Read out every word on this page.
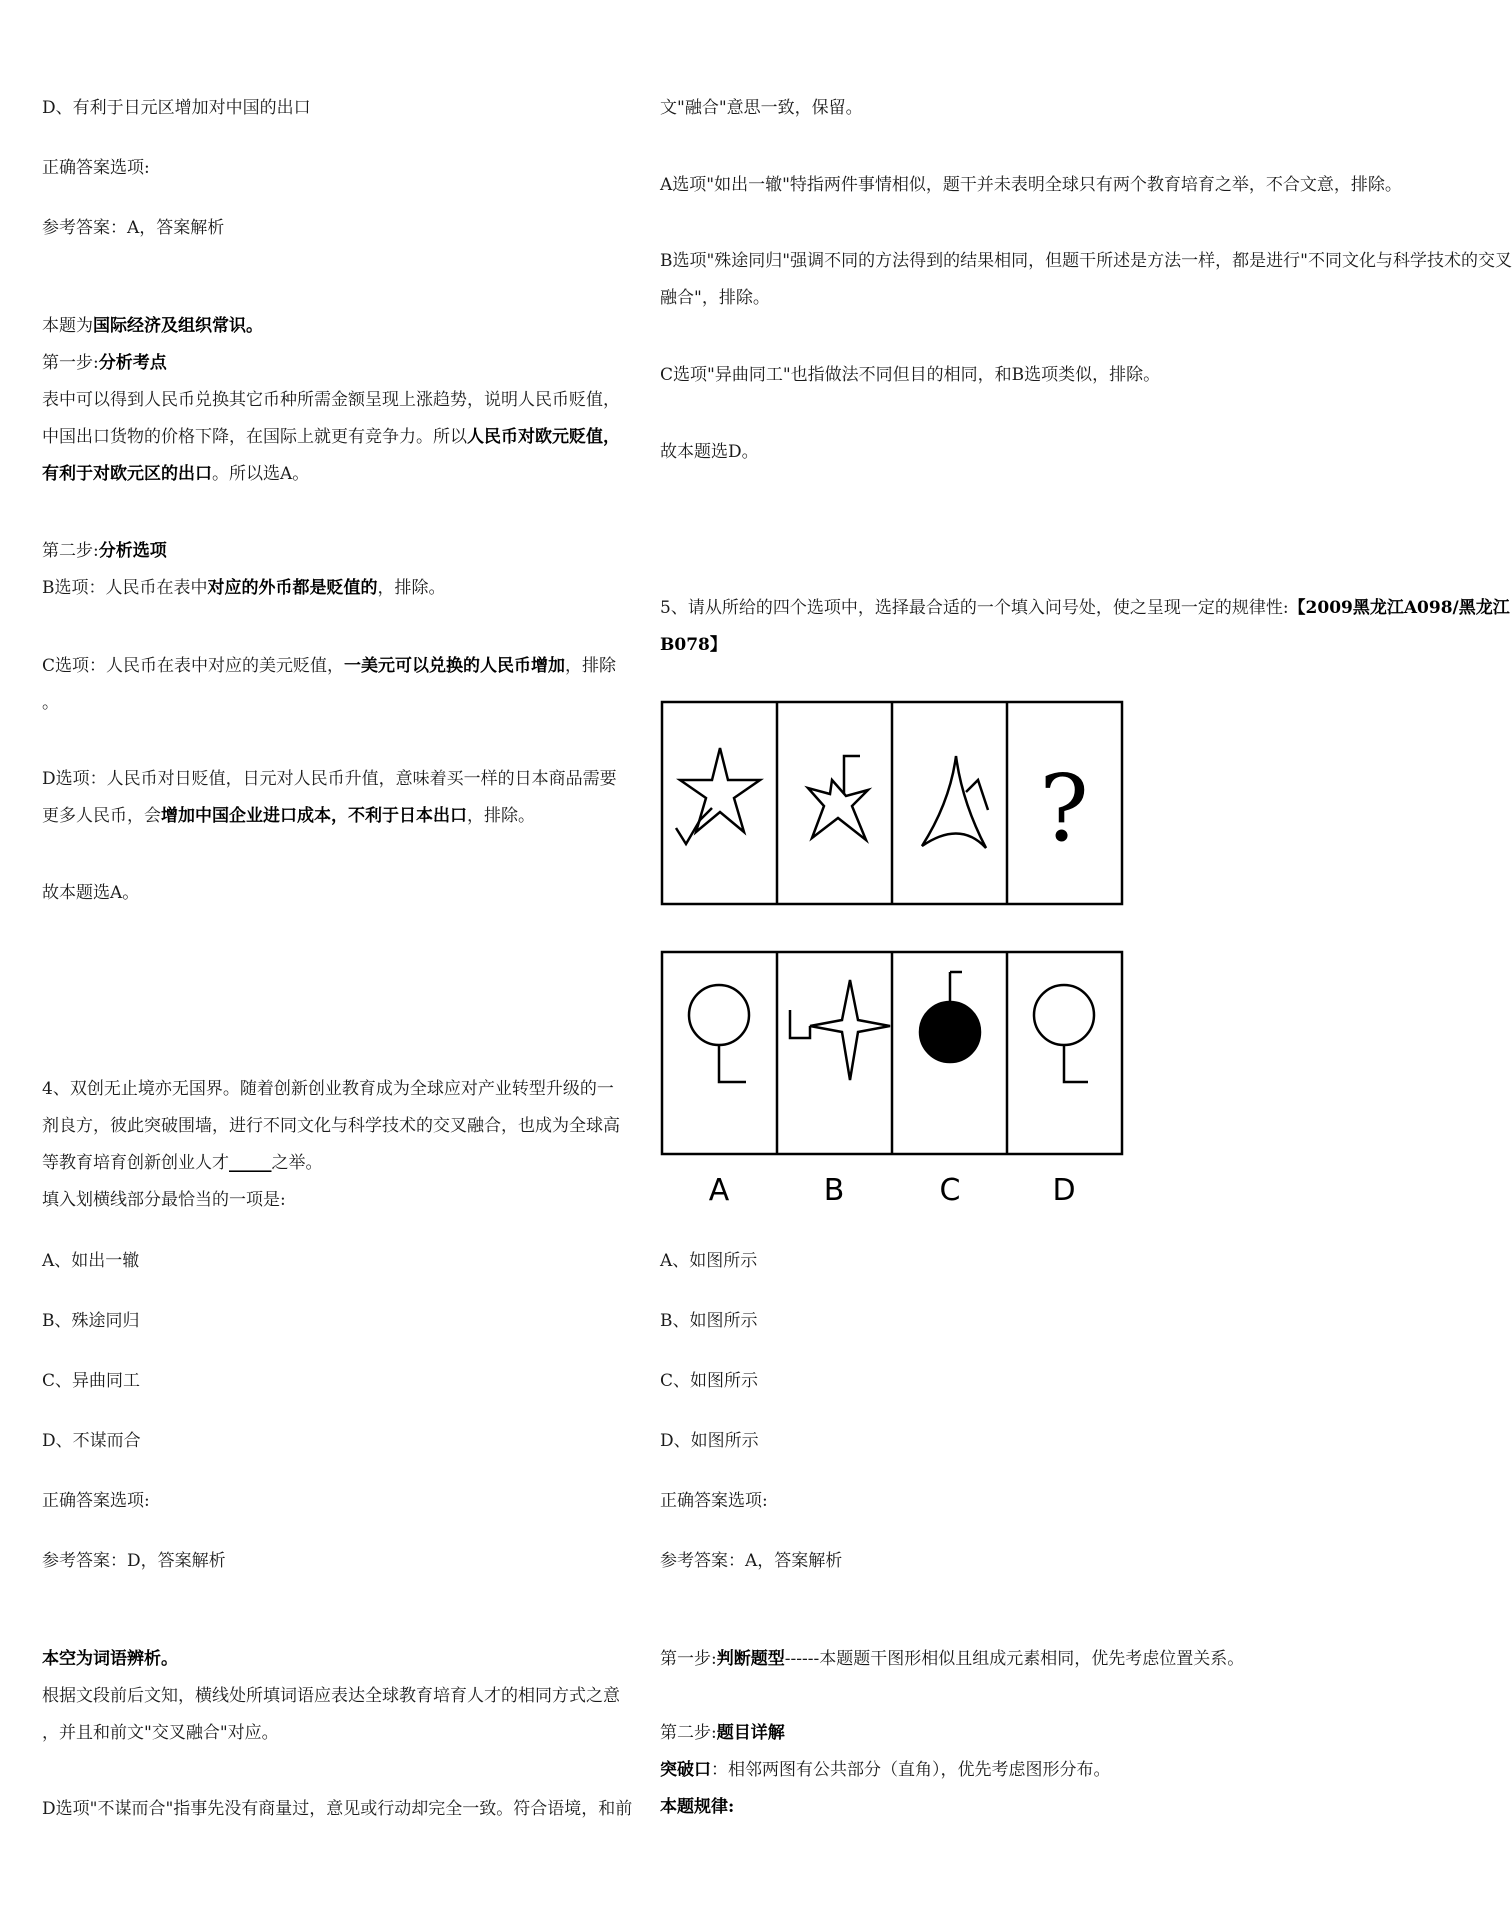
D、有利于日元区增加对中国的出口
正确答案选项:
参考答案：A，答案解析
本题为国际经济及组织常识。
第一步:分析考点
表中可以得到人民币兑换其它币种所需金额呈现上涨趋势，说明人民币贬值，
中国出口货物的价格下降，在国际上就更有竞争力。所以人民币对欧元贬值，
有利于对欧元区的出口。所以选A。
第二步:分析选项
B选项：人民币在表中对应的外币都是贬值的，排除。
C选项：人民币在表中对应的美元贬值，一美元可以兑换的人民币增加，排除
。
D选项：人民币对日贬值，日元对人民币升值，意味着买一样的日本商品需要
更多人民币，会增加中国企业进口成本，不利于日本出口，排除。
故本题选A。
4、双创无止境亦无国界。随着创新创业教育成为全球应对产业转型升级的一
剂良方，彼此突破围墙，进行不同文化与科学技术的交叉融合，也成为全球高
等教育培育创新创业人才_____之举。
填入划横线部分最恰当的一项是:
A、如出一辙
B、殊途同归
C、异曲同工
D、不谋而合
正确答案选项:
参考答案：D，答案解析
本空为词语辨析。
根据文段前后文知，横线处所填词语应表达全球教育培育人才的相同方式之意
，并且和前文"交叉融合"对应。
D选项"不谋而合"指事先没有商量过，意见或行动却完全一致。符合语境，和前
文"融合"意思一致，保留。
A选项"如出一辙"特指两件事情相似，题干并未表明全球只有两个教育培育之举，不合文意，排除。
B选项"殊途同归"强调不同的方法得到的结果相同，但题干所述是方法一样，都是进行"不同文化与科学技术的交叉
融合"，排除。
C选项"异曲同工"也指做法不同但目的相同，和B选项类似，排除。
故本题选D。
5、请从所给的四个选项中，选择最合适的一个填入问号处，使之呈现一定的规律性:【2009黑龙江A098/黑龙江
B078】
A、如图所示
B、如图所示
C、如图所示
D、如图所示
正确答案选项:
参考答案：A，答案解析
第一步:判断题型------本题题干图形相似且组成元素相同，优先考虑位置关系。
第二步:题目详解
突破口：相邻两图有公共部分（直角），优先考虑图形分布。
本题规律:
?
A	B	C	D
